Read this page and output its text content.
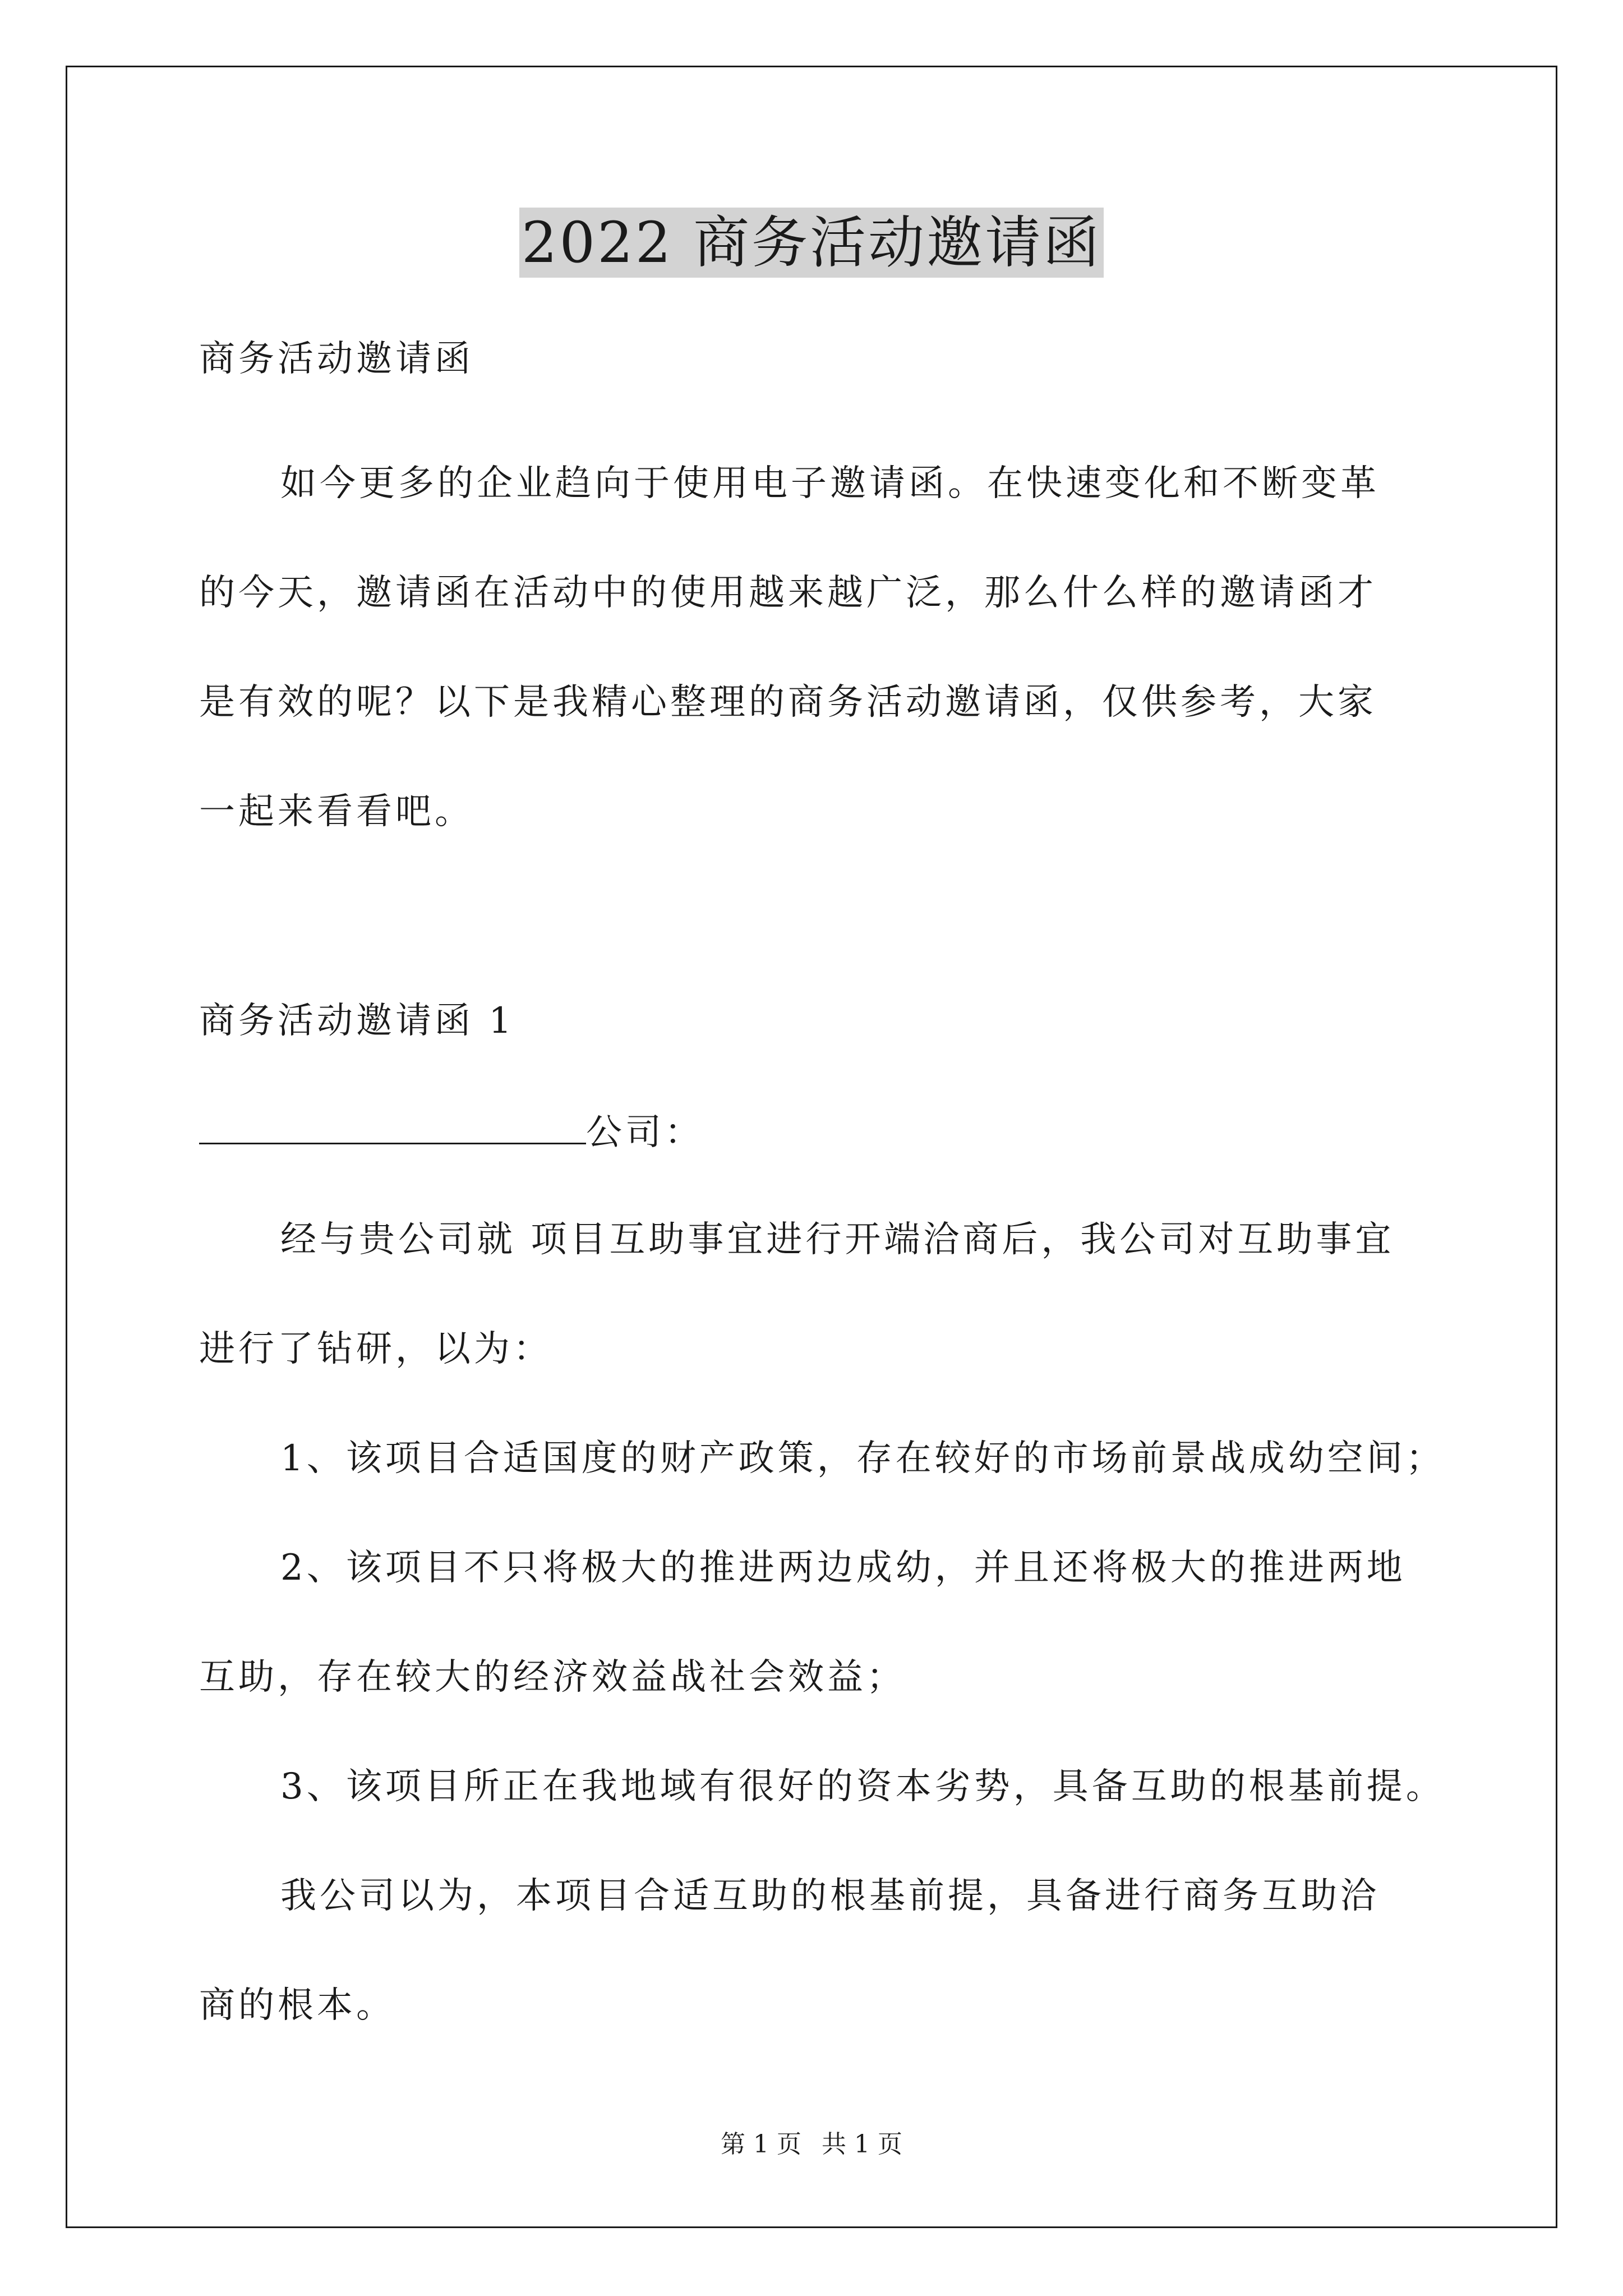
2022 商务活动邀请函

商务活动邀请函

如今更多的企业趋向于使用电子邀请函。在快速变化和不断变革

的今天，邀请函在活动中的使用越来越广泛，那么什么样的邀请函才

是有效的呢？以下是我精心整理的商务活动邀请函，仅供参考，大家

一起来看看吧。

商务活动邀请函 1

公司：

经与贵公司就 项目互助事宜进行开端洽商后，我公司对互助事宜

进行了钻研，以为：

1、该项目合适国度的财产政策，存在较好的市场前景战成幼空间；

2、该项目不只将极大的推进两边成幼，并且还将极大的推进两地

互助，存在较大的经济效益战社会效益；

3、该项目所正在我地域有很好的资本劣势，具备互助的根基前提。

我公司以为，本项目合适互助的根基前提，具备进行商务互助洽

商的根本。

第 1 页 共 1 页
